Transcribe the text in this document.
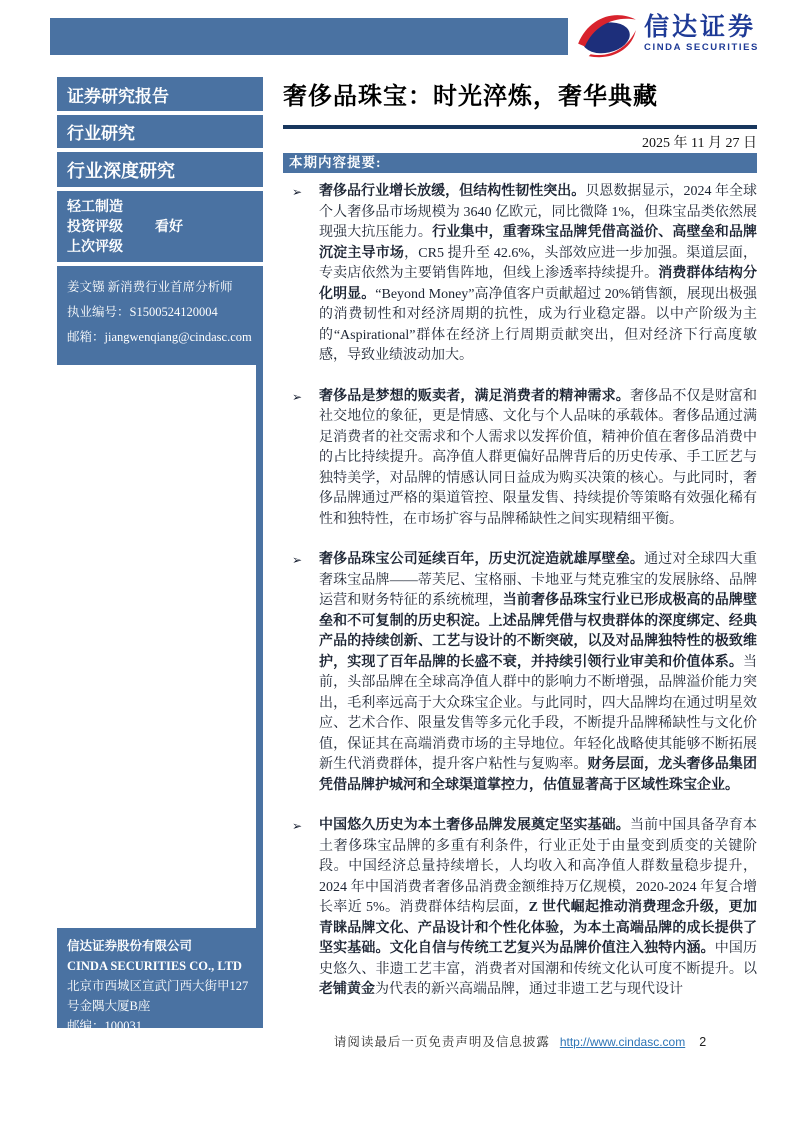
信达证券
CINDA SECURITIES
证券研究报告
行业研究
行业深度研究
轻工制造
投资评级	看好
上次评级
姜文镪 新消费行业首席分析师
执业编号：S1500524120004
邮箱：jiangwenqiang@cindasc.com
信达证券股份有限公司
CINDA SECURITIES CO., LTD
北京市西城区宣武门西大街甲127号金隅大厦B座
邮编：100031
奢侈品珠宝：时光淬炼，奢华典藏
2025 年 11 月 27 日
本期内容提要:
➢	奢侈品行业增长放缓，但结构性韧性突出。贝恩数据显示，2024 年全球个人奢侈品市场规模为 3640 亿欧元，同比微降 1%，但珠宝品类依然展现强大抗压能力。行业集中，重奢珠宝品牌凭借高溢价、高壁垒和品牌沉淀主导市场，CR5 提升至 42.6%，头部效应进一步加强。渠道层面，专卖店依然为主要销售阵地，但线上渗透率持续提升。消费群体结构分化明显。“Beyond Money”高净值客户贡献超过 20%销售额，展现出极强的消费韧性和对经济周期的抗性，成为行业稳定器。以中产阶级为主的“Aspirational”群体在经济上行周期贡献突出，但对经济下行高度敏感，导致业绩波动加大。

➢	奢侈品是梦想的贩卖者，满足消费者的精神需求。奢侈品不仅是财富和社交地位的象征，更是情感、文化与个人品味的承载体。奢侈品通过满足消费者的社交需求和个人需求以发挥价值，精神价值在奢侈品消费中的占比持续提升。高净值人群更偏好品牌背后的历史传承、手工匠艺与独特美学，对品牌的情感认同日益成为购买决策的核心。与此同时，奢侈品牌通过严格的渠道管控、限量发售、持续提价等策略有效强化稀有性和独特性，在市场扩容与品牌稀缺性之间实现精细平衡。

➢	奢侈品珠宝公司延续百年，历史沉淀造就雄厚壁垒。通过对全球四大重奢珠宝品牌——蒂芙尼、宝格丽、卡地亚与梵克雅宝的发展脉络、品牌运营和财务特征的系统梳理，当前奢侈品珠宝行业已形成极高的品牌壁垒和不可复制的历史积淀。上述品牌凭借与权贵群体的深度绑定、经典产品的持续创新、工艺与设计的不断突破，以及对品牌独特性的极致维护，实现了百年品牌的长盛不衰，并持续引领行业审美和价值体系。当前，头部品牌在全球高净值人群中的影响力不断增强，品牌溢价能力突出，毛利率远高于大众珠宝企业。与此同时，四大品牌均在通过明星效应、艺术合作、限量发售等多元化手段，不断提升品牌稀缺性与文化价值，保证其在高端消费市场的主导地位。年轻化战略使其能够不断拓展新生代消费群体，提升客户粘性与复购率。财务层面，龙头奢侈品集团凭借品牌护城河和全球渠道掌控力，估值显著高于区域性珠宝企业。

➢	中国悠久历史为本土奢侈品牌发展奠定坚实基础。当前中国具备孕育本土奢侈珠宝品牌的多重有利条件，行业正处于由量变到质变的关键阶段。中国经济总量持续增长，人均收入和高净值人群数量稳步提升，2024 年中国消费者奢侈品消费金额维持万亿规模，2020-2024 年复合增长率近 5%。消费群体结构层面，Z 世代崛起推动消费理念升级，更加青睐品牌文化、产品设计和个性化体验，为本土高端品牌的成长提供了坚实基础。文化自信与传统工艺复兴为品牌价值注入独特内涵。中国历史悠久、非遗工艺丰富，消费者对国潮和传统文化认可度不断提升。以老铺黄金为代表的新兴高端品牌，通过非遗工艺与现代设计

请阅读最后一页免责声明及信息披露 http://www.cindasc.com	2
